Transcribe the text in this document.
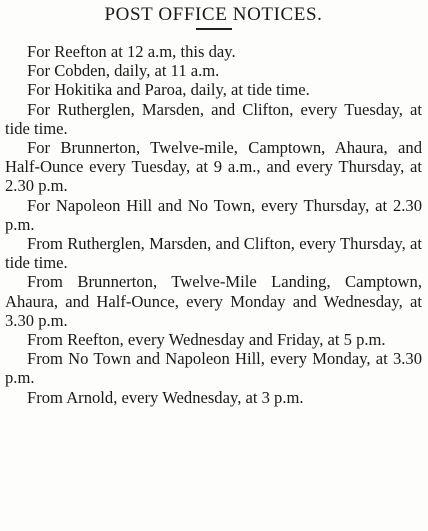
POST OFFICE NOTICES.

For Reefton at 12 a.m, this day.

For Cobden, daily, at 11 a.m.

For Hokitika and Paroa, daily, at tide time.

For Rutherglen, Marsden, and Clifton, every Tuesday, at tide time.

For Brunnerton, Twelve-mile, Camptown, Ahaura, and Half-Ounce every Tuesday, at 9 a.m., and every Thursday, at 2.30 p.m.

For Napoleon Hill and No Town, every Thursday, at 2.30 p.m.

From Rutherglen, Marsden, and Clifton, every Thursday, at tide time.

From Brunnerton, Twelve-Mile Landing, Camptown, Ahaura, and Half-Ounce, every Monday and Wednesday, at 3.30 p.m.

From Reefton, every Wednesday and Friday, at 5 p.m.

From No Town and Napoleon Hill, every Monday, at 3.30 p.m.

From Arnold, every Wednesday, at 3 p.m.
